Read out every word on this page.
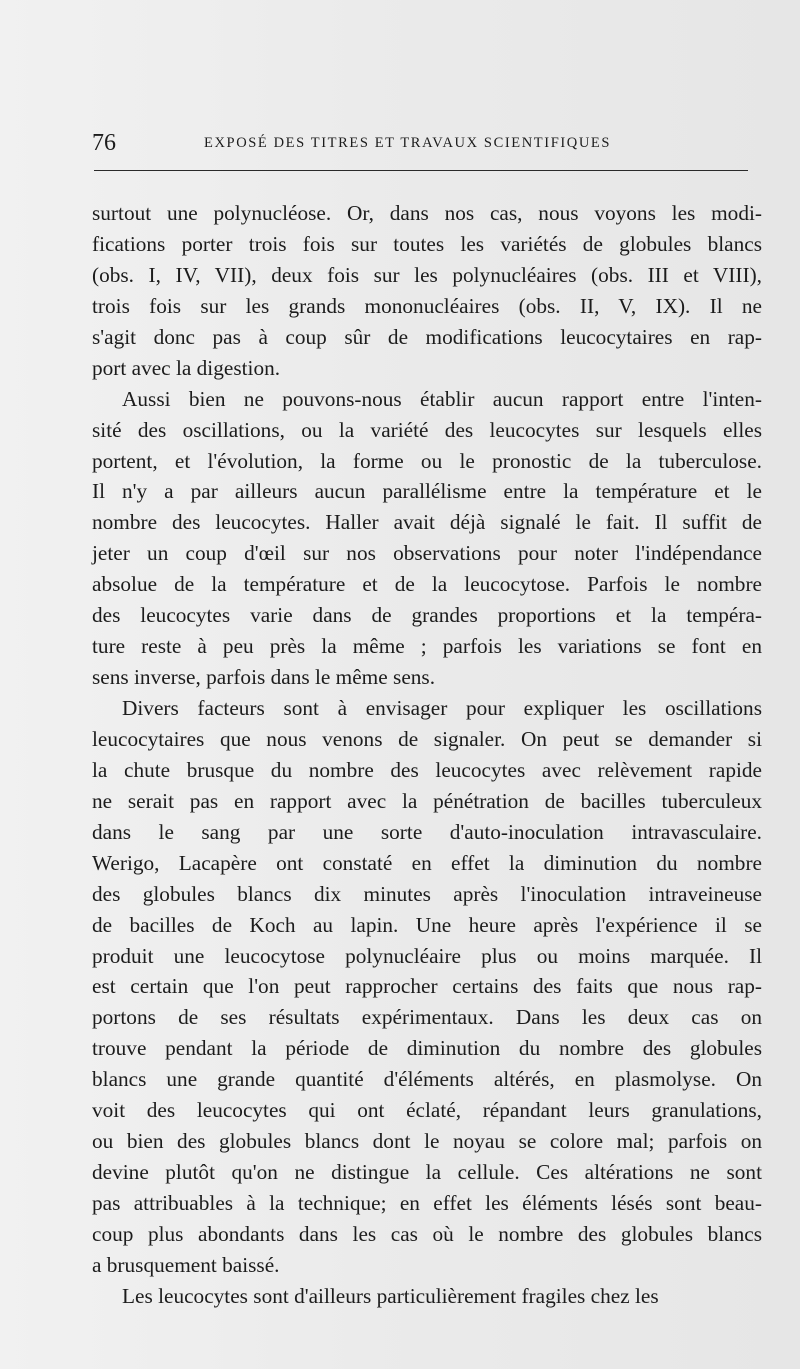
76	EXPOSÉ DES TITRES ET TRAVAUX SCIENTIFIQUES
surtout une polynucléose. Or, dans nos cas, nous voyons les modi-
fications porter trois fois sur toutes les variétés de globules blancs
(obs. I, IV, VII), deux fois sur les polynucléaires (obs. III et VIII),
trois fois sur les grands mononucléaires (obs. II, V, IX). Il ne
s'agit donc pas à coup sûr de modifications leucocytaires en rap-
port avec la digestion.
Aussi bien ne pouvons-nous établir aucun rapport entre l'inten-
sité des oscillations, ou la variété des leucocytes sur lesquels elles
portent, et l'évolution, la forme ou le pronostic de la tuberculose.
Il n'y a par ailleurs aucun parallélisme entre la température et le
nombre des leucocytes. Haller avait déjà signalé le fait. Il suffit de
jeter un coup d'œil sur nos observations pour noter l'indépendance
absolue de la température et de la leucocytose. Parfois le nombre
des leucocytes varie dans de grandes proportions et la tempéra-
ture reste à peu près la même ; parfois les variations se font en
sens inverse, parfois dans le même sens.
Divers facteurs sont à envisager pour expliquer les oscillations
leucocytaires que nous venons de signaler. On peut se demander si
la chute brusque du nombre des leucocytes avec relèvement rapide
ne serait pas en rapport avec la pénétration de bacilles tuberculeux
dans le sang par une sorte d'auto-inoculation intravasculaire.
Werigo, Lacapère ont constaté en effet la diminution du nombre
des globules blancs dix minutes après l'inoculation intraveineuse
de bacilles de Koch au lapin. Une heure après l'expérience il se
produit une leucocytose polynucléaire plus ou moins marquée. Il
est certain que l'on peut rapprocher certains des faits que nous rap-
portons de ses résultats expérimentaux. Dans les deux cas on
trouve pendant la période de diminution du nombre des globules
blancs une grande quantité d'éléments altérés, en plasmolyse. On
voit des leucocytes qui ont éclaté, répandant leurs granulations,
ou bien des globules blancs dont le noyau se colore mal; parfois on
devine plutôt qu'on ne distingue la cellule. Ces altérations ne sont
pas attribuables à la technique; en effet les éléments lésés sont beau-
coup plus abondants dans les cas où le nombre des globules blancs
a brusquement baissé.
Les leucocytes sont d'ailleurs particulièrement fragiles chez les
